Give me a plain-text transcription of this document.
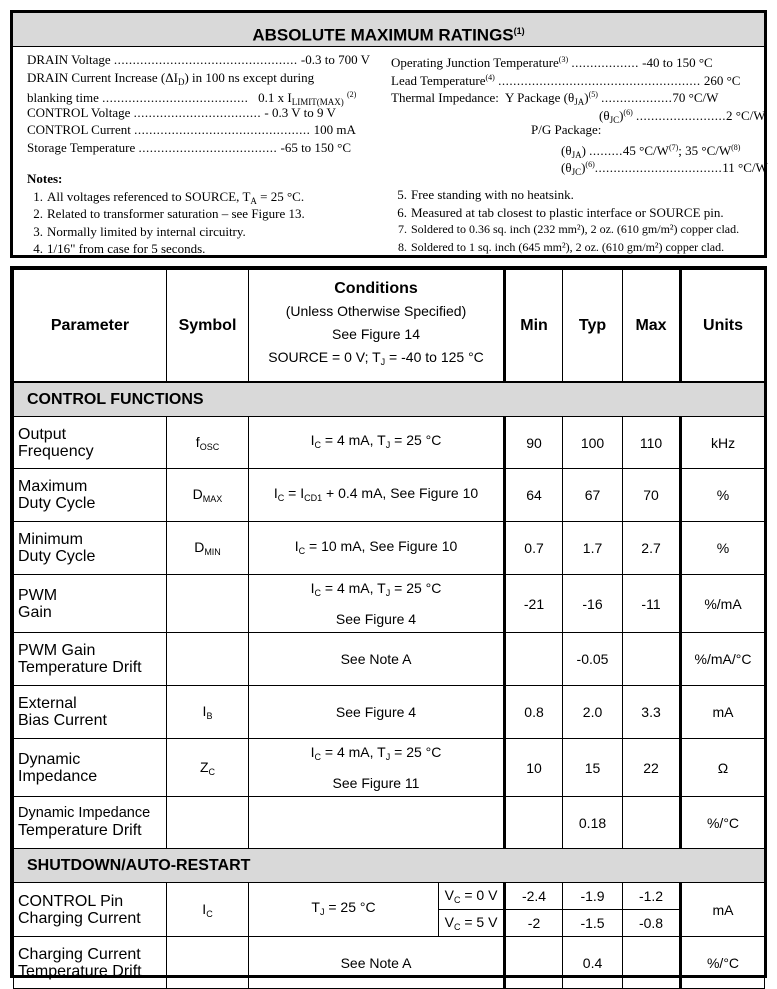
ABSOLUTE MAXIMUM RATINGS$^{(1)}$
DRAIN Voltage ................................................. -0.3 to 700 V
DRAIN Current Increase $(\Delta I_D)$ in 100 ns except during
blanking time ....................................... 0.1 x $I_{LIMIT(MAX)}$ $^{(2)}$
CONTROL Voltage .................................. - 0.3 V to 9 V
CONTROL Current ............................................... 100 mA
Storage Temperature ..................................... -65 to 150 °C
Operating Junction Temperature$^{(3)}$ .................. -40 to 150 °C
Lead Temperature$^{(4)}$ ...................................................... 260 °C
Thermal Impedance: Y Package $(\theta_{JA})^{(5)}$ ...................70 °C/W
$(\theta_{JC})^{(6)}$ ........................2 °C/W
P/G Package:
$(\theta_{JA})$ .........45 $^\circ C/W^{(7)}$; 35 $^\circ C/W^{(8)}$
$(\theta_{JC})^{(6)}..................................11$ °C/W
Notes:
1. All voltages referenced to SOURCE, $T_A = 25$ °C.
2. Related to transformer saturation – see Figure 13.
3. Normally limited by internal circuitry.
4. 1/16" from case for 5 seconds.
5. Free standing with no heatsink.
6. Measured at tab closest to plastic interface or SOURCE pin.
7. Soldered to 0.36 sq. inch (232 mm²), 2 oz. (610 gm/m²) copper clad.
8. Soldered to 1 sq. inch (645 mm²), 2 oz. (610 gm/m²) copper clad.
Parameter	Symbol	Conditions
(Unless Otherwise Specified)
See Figure 14
SOURCE = 0 V; $T_J = -40$ to 125 °C		Min	Typ	Max	Units
CONTROL FUNCTIONS							
Output
Frequency	$f_{OSC}$	$I_C = 4$ mA, $T_J = 25$ °C		90	100	110	kHz
Maximum
Duty Cycle	$D_{MAX}$	$I_C = I_{CD1} + 0.4$ mA, See Figure 10		64	67	70	%
Minimum
Duty Cycle	$D_{MIN}$	$I_C = 10$ mA, See Figure 10		0.7	1.7	2.7	%
PWM
Gain		$I_C = 4$ mA, $T_J = 25$ °C
See Figure 4		-21	-16	-11	%/mA
PWM Gain
Temperature Drift		See Note A			-0.05		%/mA/°C
External
Bias Current	$I_B$	See Figure 4		0.8	2.0	3.3	mA
Dynamic
Impedance	$Z_C$	$I_C = 4$ mA, $T_J = 25$ °C
See Figure 11		10	15	22	Ω
Dynamic Impedance
Temperature Drift					0.18		%/°C
SHUTDOWN/AUTO-RESTART							
CONTROL Pin
Charging Current	$I_C$	$T_J = 25$ °C	$V_C = 0$ V	-2.4	-1.9	-1.2	mA
			$V_C = 5$ V	-2	-1.5	-0.8	
Charging Current
Temperature Drift		See Note A			0.4		%/°C
